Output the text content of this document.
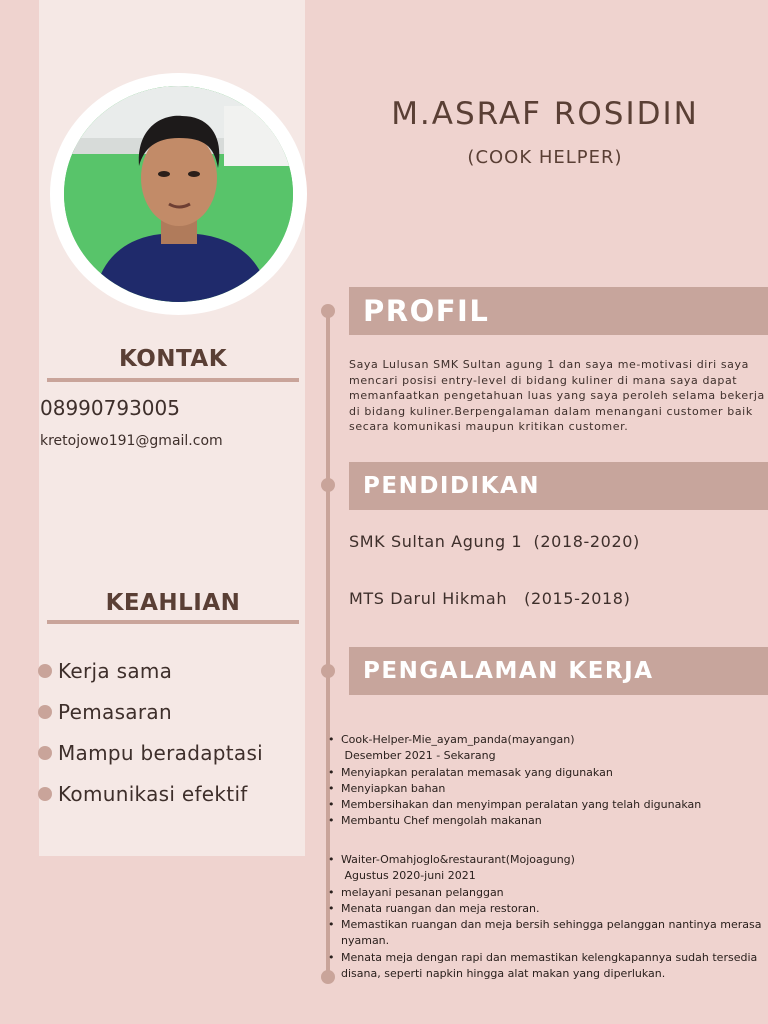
M.ASRAF ROSIDIN
(COOK HELPER)
KONTAK
08990793005
kretojowo191@gmail.com
KEAHLIAN
Kerja sama
Pemasaran
Mampu beradaptasi
Komunikasi efektif
PROFIL
Saya Lulusan SMK Sultan agung 1 dan saya me-motivasi diri saya mencari posisi entry-level di bidang kuliner di mana saya dapat memanfaatkan pengetahuan luas yang saya peroleh selama bekerja di bidang kuliner.Berpengalaman dalam menangani customer baik secara komunikasi maupun kritikan customer.
PENDIDIKAN
SMK Sultan Agung 1  (2018-2020)
MTS Darul Hikmah   (2015-2018)
PENGALAMAN KERJA
Cook-Helper-Mie_ayam_panda(mayangan)
Desember 2021 - Sekarang
Menyiapkan peralatan memasak yang digunakan
Menyiapkan bahan
Membersihakan dan menyimpan peralatan yang telah digunakan
Membantu Chef mengolah makanan
Waiter-Omahjoglo&restaurant(Mojoagung)
Agustus 2020-juni 2021
melayani pesanan pelanggan
Menata ruangan dan meja restoran.
Memastikan ruangan dan meja bersih sehingga pelanggan nantinya merasa nyaman.
Menata meja dengan rapi dan memastikan kelengkapannya sudah tersedia disana, seperti napkin hingga alat makan yang diperlukan.
